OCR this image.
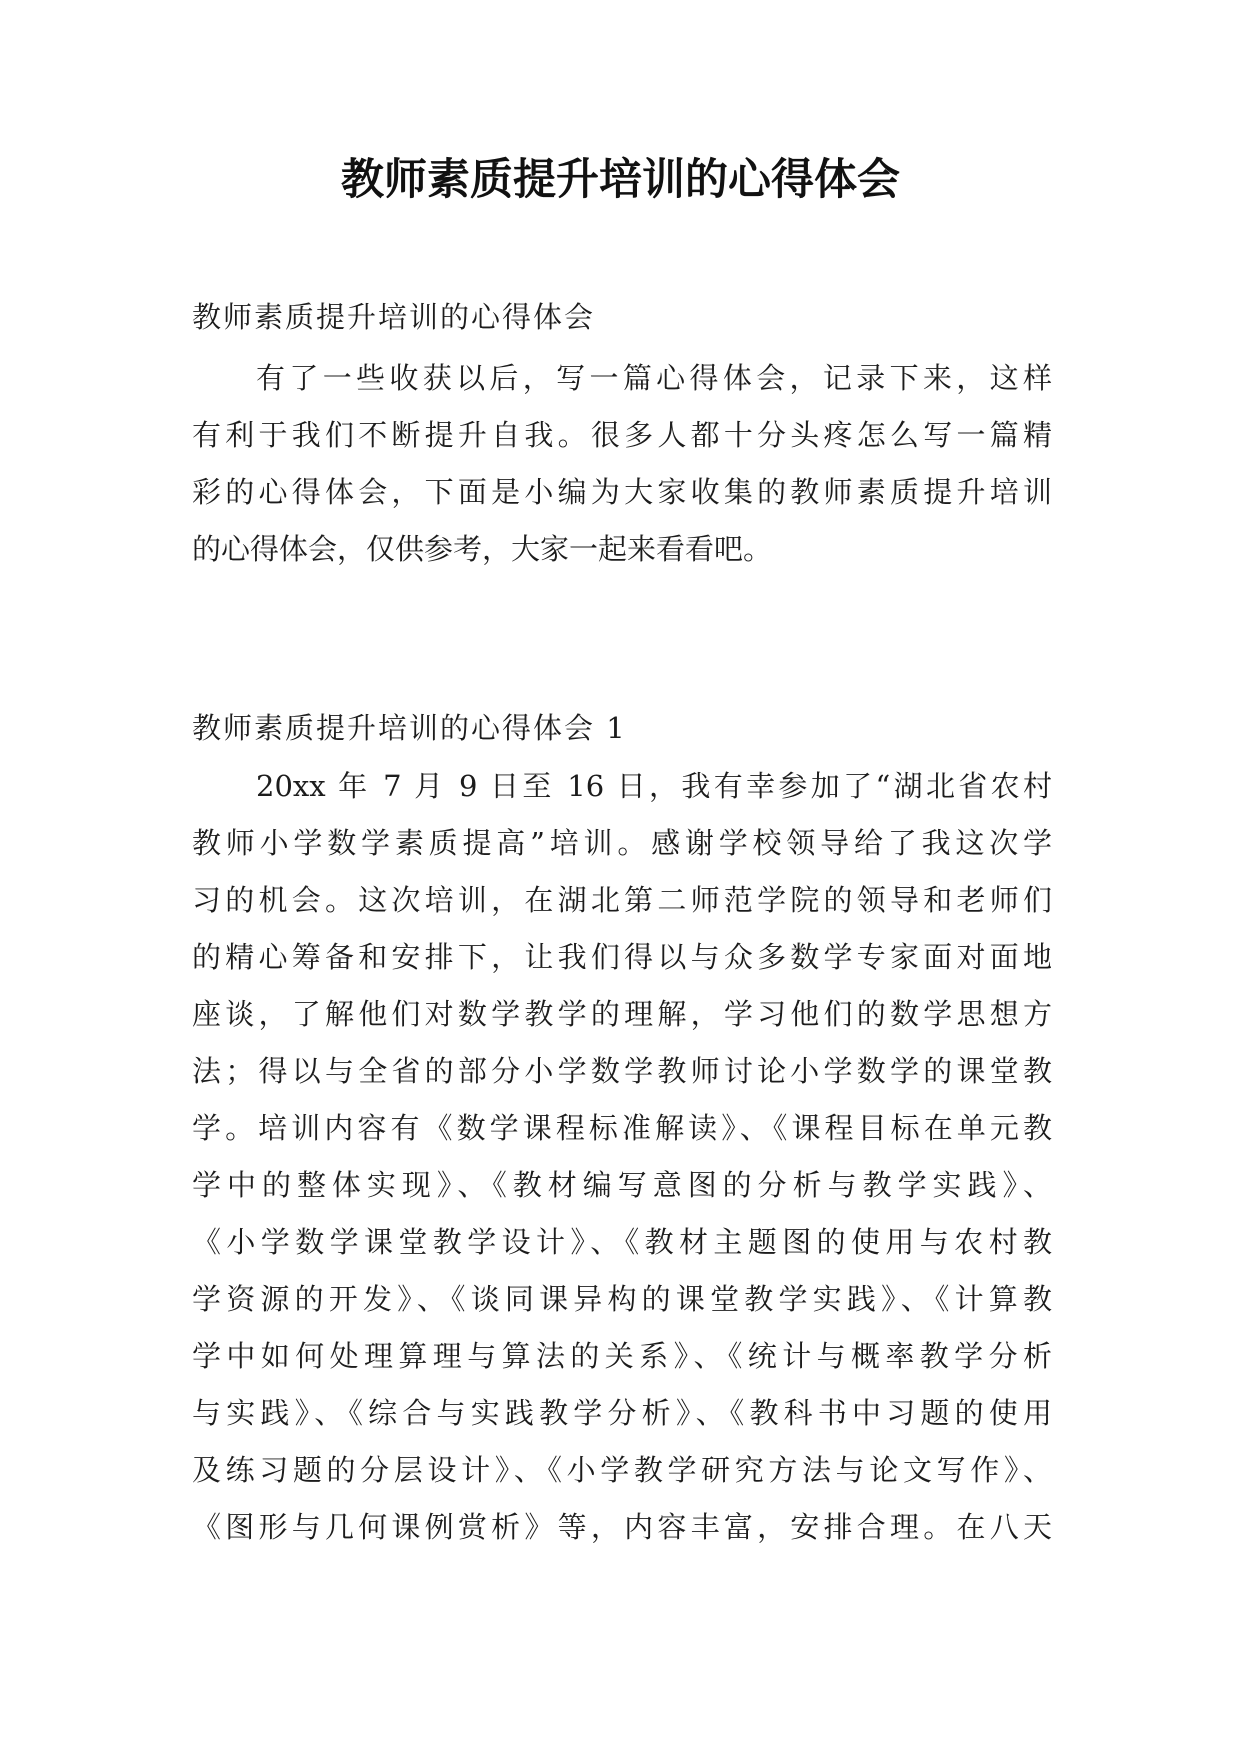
教师素质提升培训的心得体会
教师素质提升培训的心得体会
有了一些收获以后，写一篇心得体会，记录下来，这样
有利于我们不断提升自我。很多人都十分头疼怎么写一篇精
彩的心得体会，下面是小编为大家收集的教师素质提升培训
的心得体会，仅供参考，大家一起来看看吧。
教师素质提升培训的心得体会 1
20xx 年 7 月 9 日至 16 日，我有幸参加了“湖北省农村
教师小学数学素质提高”培训。感谢学校领导给了我这次学
习的机会。这次培训，在湖北第二师范学院的领导和老师们
的精心筹备和安排下，让我们得以与众多数学专家面对面地
座谈，了解他们对数学教学的理解，学习他们的数学思想方
法；得以与全省的部分小学数学教师讨论小学数学的课堂教
学。培训内容有《数学课程标准解读》、《课程目标在单元教
学中的整体实现》、《教材编写意图的分析与教学实践》、
《小学数学课堂教学设计》、《教材主题图的使用与农村教
学资源的开发》、《谈同课异构的课堂教学实践》、《计算教
学中如何处理算理与算法的关系》、《统计与概率教学分析
与实践》、《综合与实践教学分析》、《教科书中习题的使用
及练习题的分层设计》、《小学教学研究方法与论文写作》、
《图形与几何课例赏析》等，内容丰富，安排合理。在八天
